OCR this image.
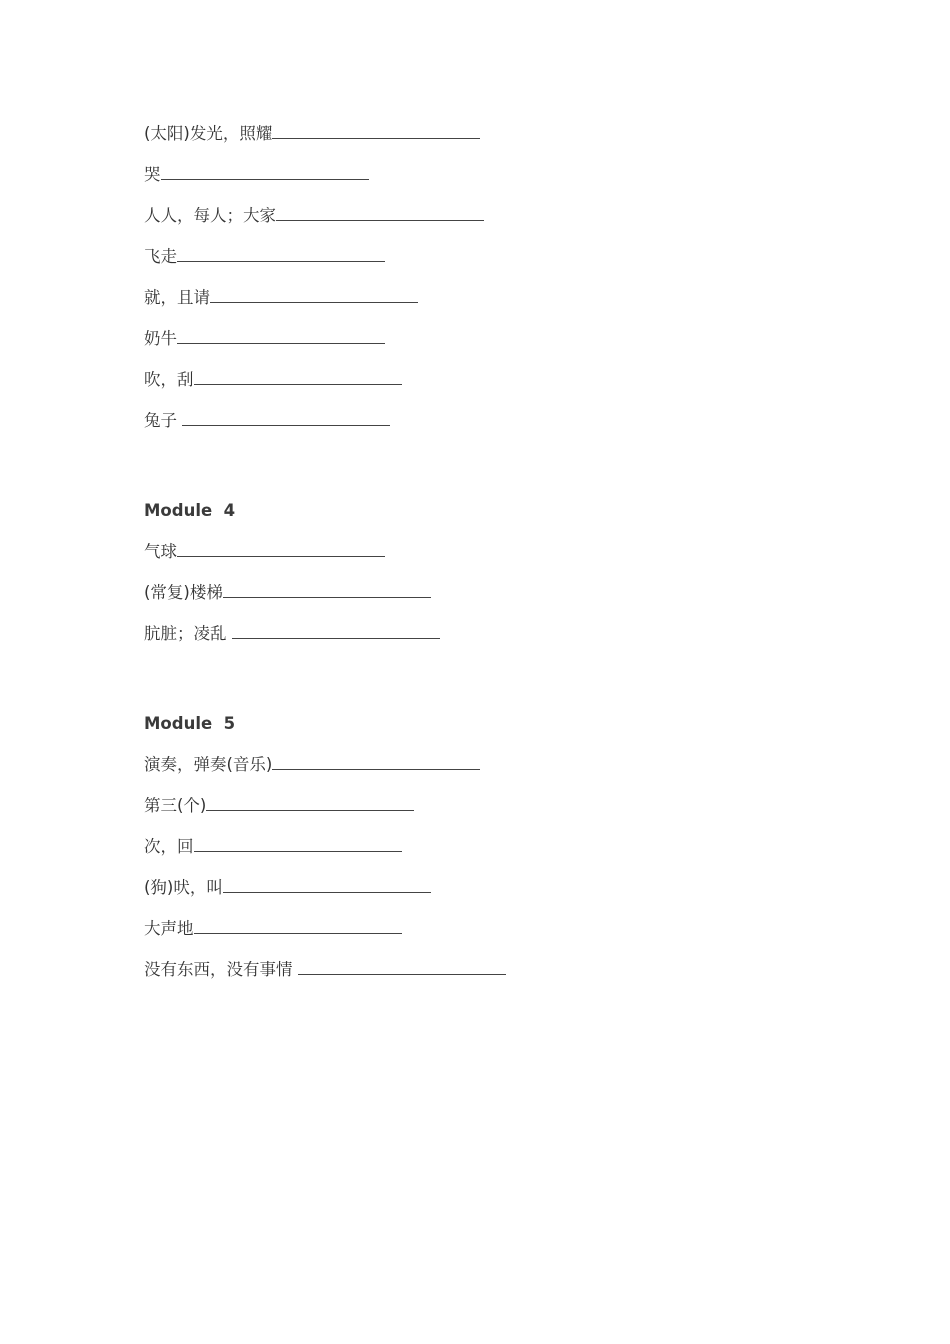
(太阳)发光，照耀
哭
人人，每人；大家
飞走
就，且请
奶牛
吹，刮
兔子
Module  4
气球
(常复)楼梯
肮脏；凌乱
Module  5
演奏，弹奏(音乐)
第三(个)
次，回
(狗)吠，叫
大声地
没有东西，没有事情
